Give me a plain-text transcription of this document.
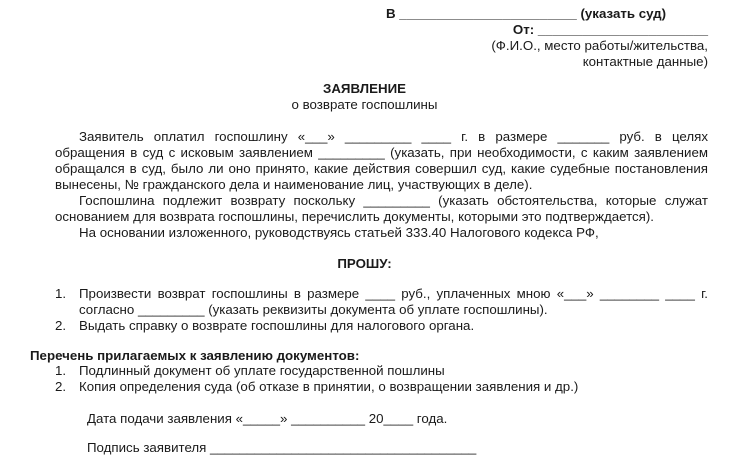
В ________________________ (указать суд)
От: _______________________
(Ф.И.О., место работы/жительства,
контактные данные)
ЗАЯВЛЕНИЕ
о возврате госпошлины
Заявитель оплатил госпошлину «___» _________ ____ г. в размере _______ руб. в целях
обращения в суд с исковым заявлением _________ (указать, при необходимости, с каким заявлением
обращался в суд, было ли оно принято, какие действия совершил суд, какие судебные постановления
вынесены, № гражданского дела и наименование лиц, участвующих в деле).
Госпошлина подлежит возврату поскольку _________ (указать обстоятельства, которые служат
основанием для возврата госпошлины, перечислить документы, которыми это подтверждается).
На основании изложенного, руководствуясь статьей 333.40 Налогового кодекса РФ,
ПРОШУ:
1. Произвести возврат госпошлины в размере ____ руб., уплаченных мною «___» ________ ____ г.
согласно _________ (указать реквизиты документа об уплате госпошлины).
2. Выдать справку о возврате госпошлины для налогового органа.
Перечень прилагаемых к заявлению документов:
1. Подлинный документ об уплате государственной пошлины
2. Копия определения суда (об отказе в принятии, о возвращении заявления и др.)
Дата подачи заявления «_____» __________ 20____ года.
Подпись заявителя ____________________________________
